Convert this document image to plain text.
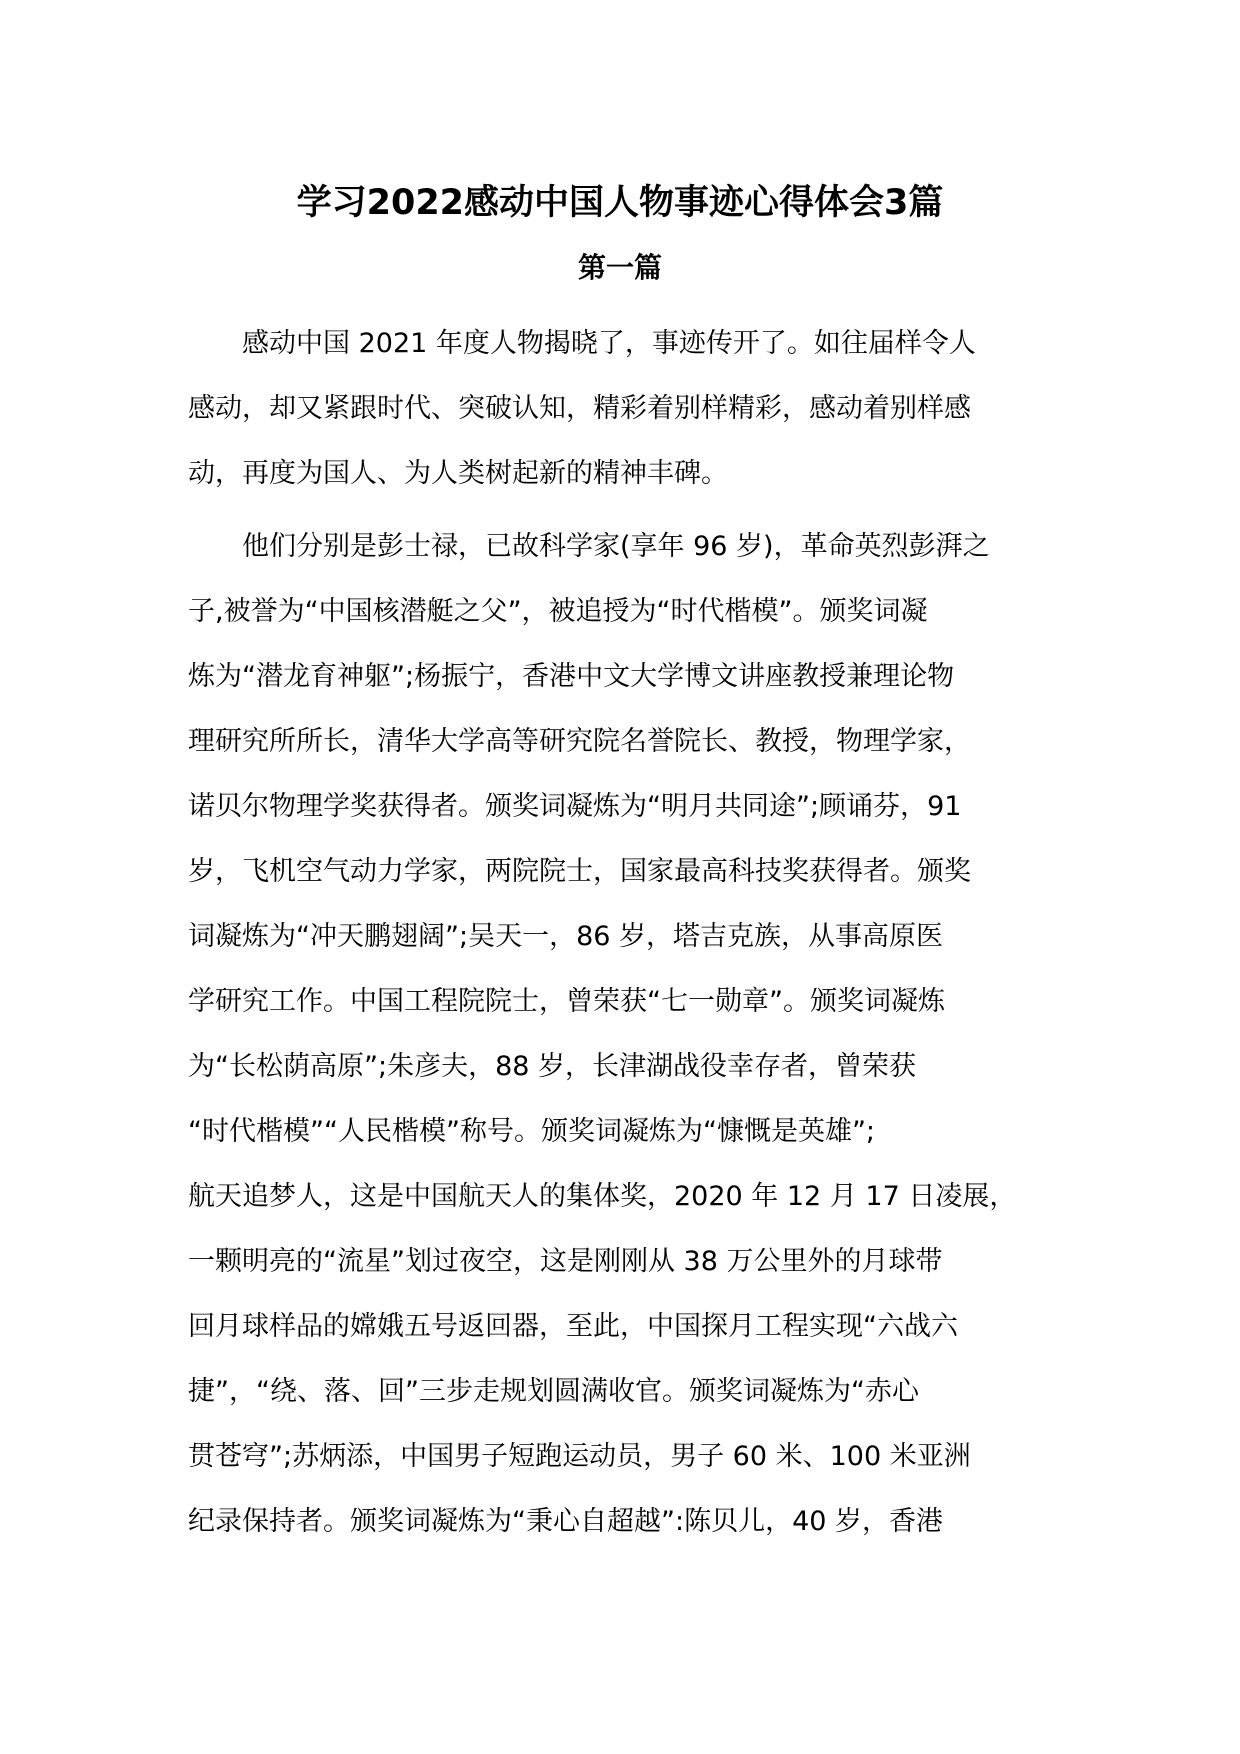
学习2022感动中国人物事迹心得体会3篇
第一篇

　　感动中国 2021 年度人物揭晓了，事迹传开了。如往届样令人
感动，却又紧跟时代、突破认知，精彩着别样精彩，感动着别样感
动，再度为国人、为人类树起新的精神丰碑。

　　他们分别是彭士禄，已故科学家(享年 96 岁)，革命英烈彭湃之
子,被誉为“中国核潜艇之父”，被追授为“时代楷模”。颁奖词凝
炼为“潜龙育神躯”;杨振宁，香港中文大学博文讲座教授兼理论物
理研究所所长，清华大学高等研究院名誉院长、教授，物理学家，
诺贝尔物理学奖获得者。颁奖词凝炼为“明月共同途”;顾诵芬，91
岁，飞机空气动力学家，两院院士，国家最高科技奖获得者。颁奖
词凝炼为“冲天鹏翅阔”;吴天一，86 岁，塔吉克族，从事高原医
学研究工作。中国工程院院士，曾荣获“七一勋章”。颁奖词凝炼
为“长松荫高原”;朱彦夫，88 岁，长津湖战役幸存者，曾荣获
“时代楷模”“人民楷模”称号。颁奖词凝炼为“慷慨是英雄”;
航天追梦人，这是中国航天人的集体奖，2020 年 12 月 17 日凌展，
一颗明亮的“流星”划过夜空，这是刚刚从 38 万公里外的月球带
回月球样品的嫦娥五号返回器，至此，中国探月工程实现“六战六
捷”，“绕、落、回”三步走规划圆满收官。颁奖词凝炼为“赤心
贯苍穹”;苏炳添，中国男子短跑运动员，男子 60 米、100 米亚洲
纪录保持者。颁奖词凝炼为“秉心自超越”:陈贝儿，40 岁，香港
